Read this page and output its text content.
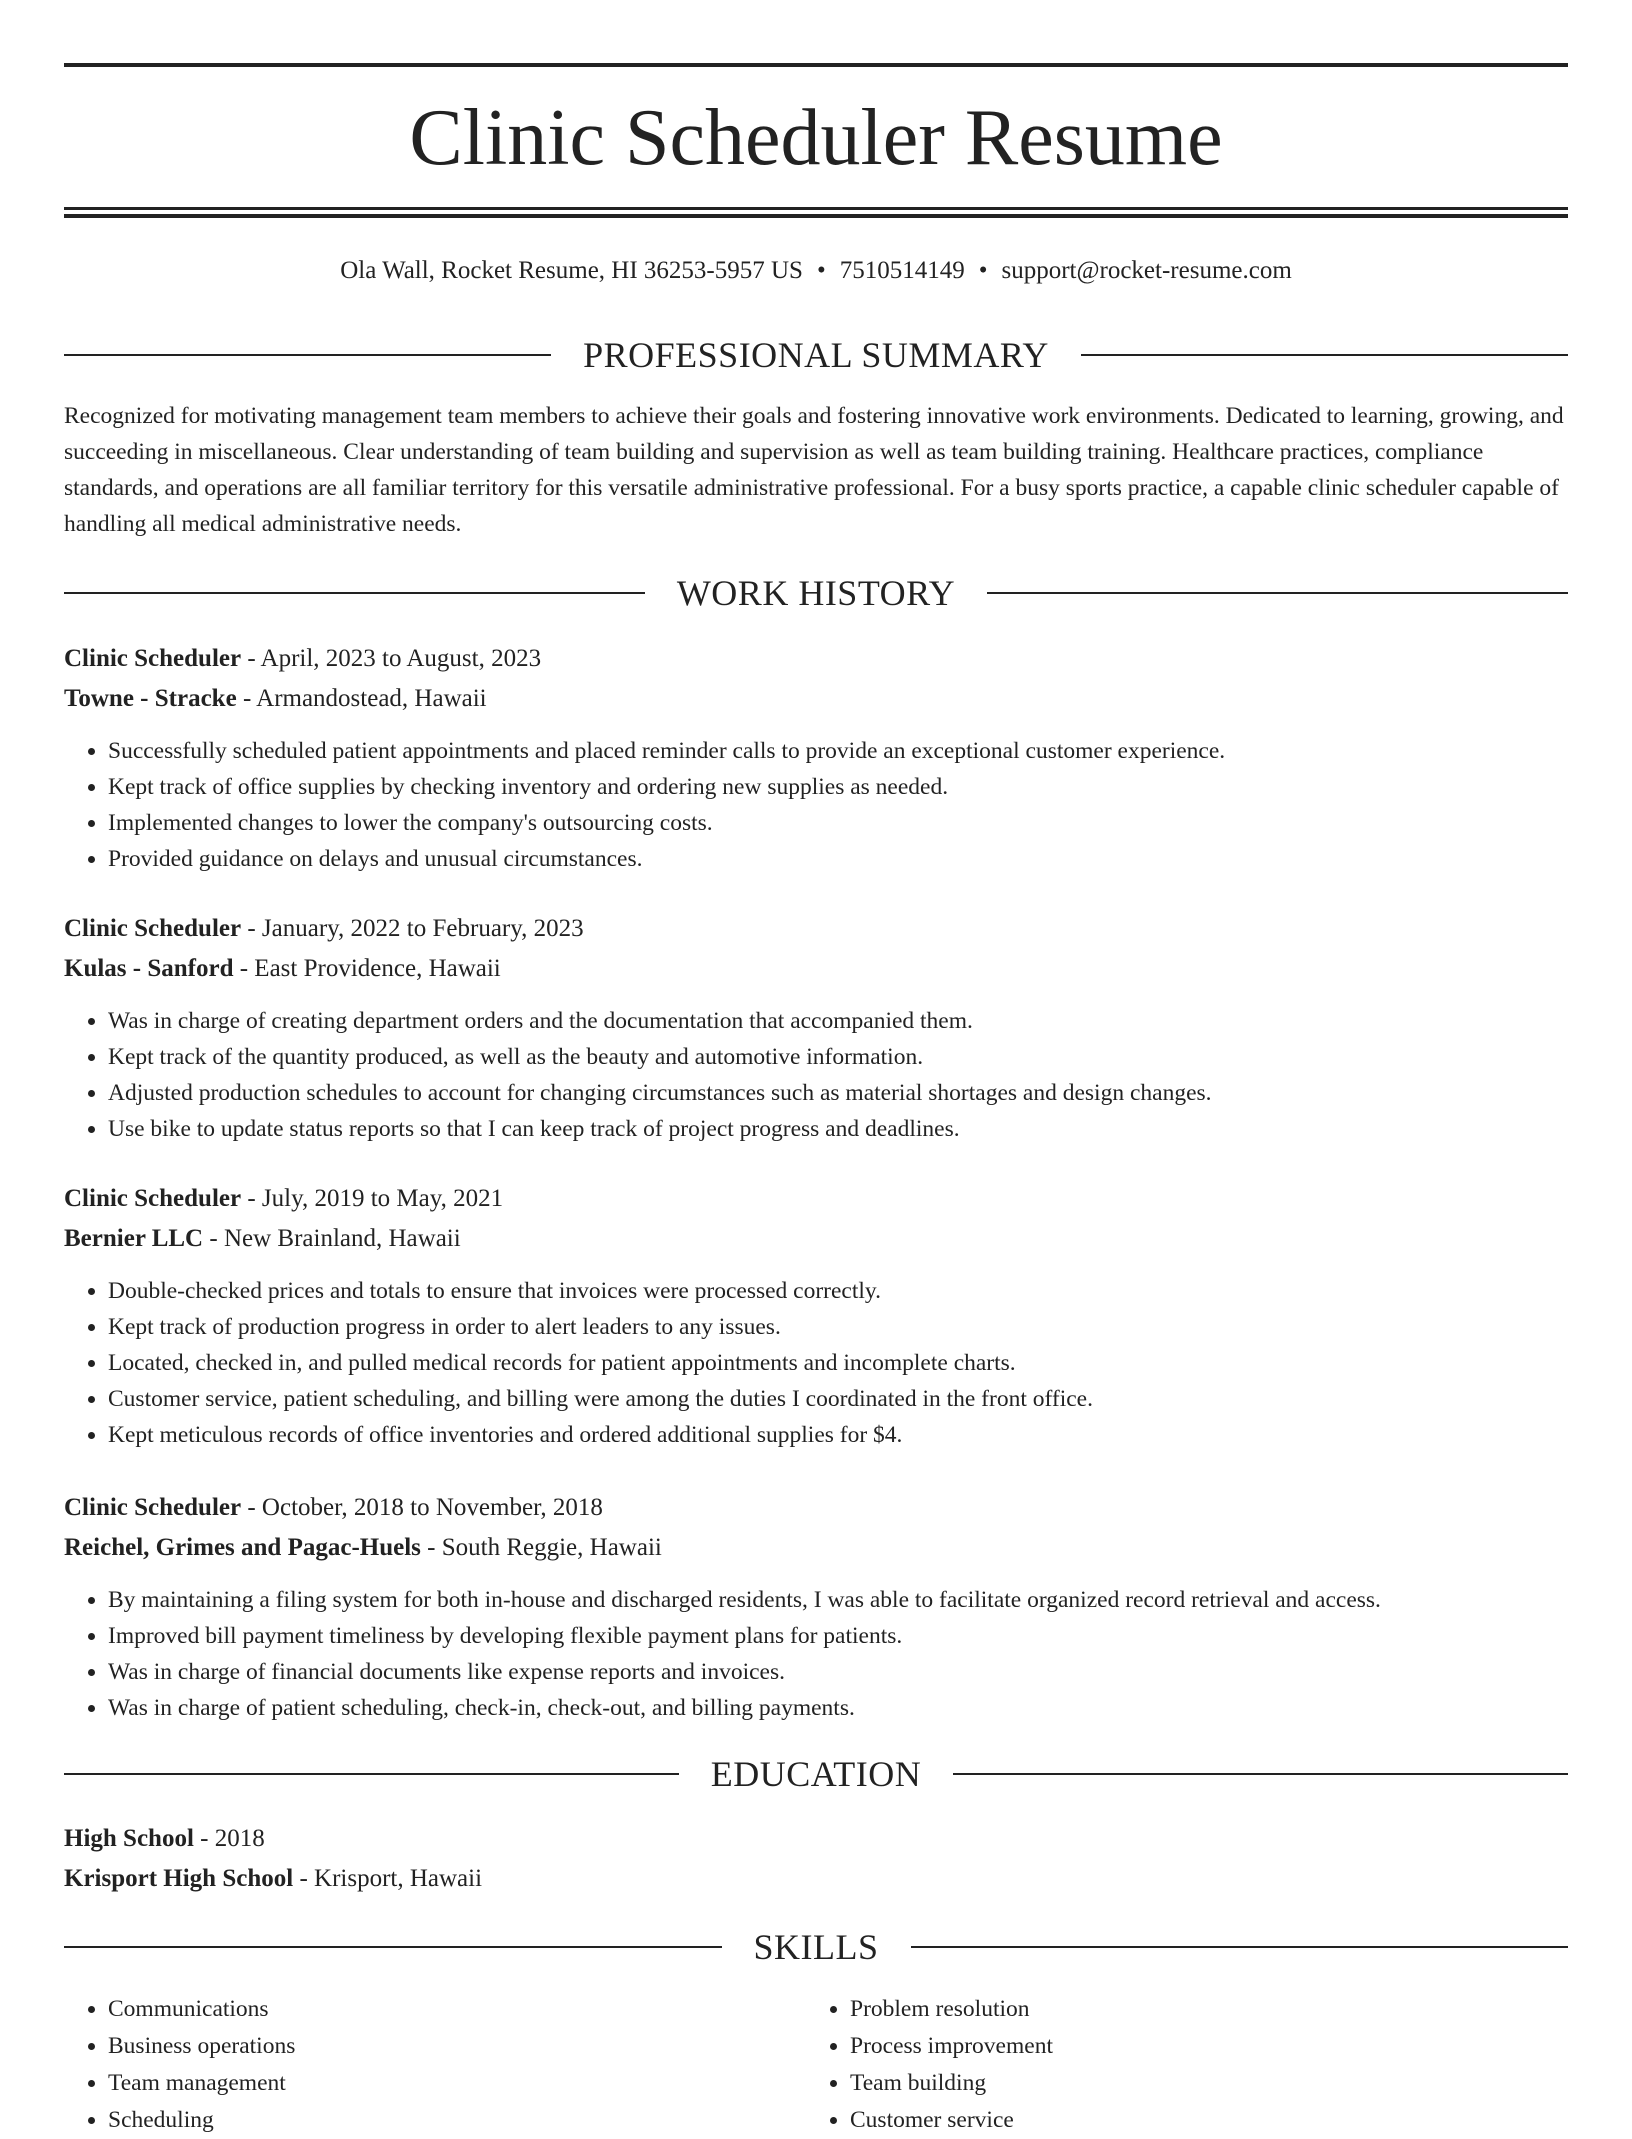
Clinic Scheduler Resume
Ola Wall, Rocket Resume, HI 36253-5957 US • 7510514149 • support@rocket-resume.com
PROFESSIONAL SUMMARY

Recognized for motivating management team members to achieve their goals and fostering innovative work environments. Dedicated to learning, growing, and succeeding in miscellaneous. Clear understanding of team building and supervision as well as team building training. Healthcare practices, compliance standards, and operations are all familiar territory for this versatile administrative professional. For a busy sports practice, a capable clinic scheduler capable of handling all medical administrative needs.

WORK HISTORY

Clinic Scheduler - April, 2023 to August, 2023

Towne - Stracke - Armandostead, Hawaii

• Successfully scheduled patient appointments and placed reminder calls to provide an exceptional customer experience.
• Kept track of office supplies by checking inventory and ordering new supplies as needed.
• Implemented changes to lower the company's outsourcing costs.
• Provided guidance on delays and unusual circumstances.

Clinic Scheduler - January, 2022 to February, 2023

Kulas - Sanford - East Providence, Hawaii

• Was in charge of creating department orders and the documentation that accompanied them.
• Kept track of the quantity produced, as well as the beauty and automotive information.
• Adjusted production schedules to account for changing circumstances such as material shortages and design changes.
• Use bike to update status reports so that I can keep track of project progress and deadlines.

Clinic Scheduler - July, 2019 to May, 2021

Bernier LLC - New Brainland, Hawaii

• Double-checked prices and totals to ensure that invoices were processed correctly.
• Kept track of production progress in order to alert leaders to any issues.
• Located, checked in, and pulled medical records for patient appointments and incomplete charts.
• Customer service, patient scheduling, and billing were among the duties I coordinated in the front office.
• Kept meticulous records of office inventories and ordered additional supplies for $4.

Clinic Scheduler - October, 2018 to November, 2018

Reichel, Grimes and Pagac-Huels - South Reggie, Hawaii

• By maintaining a filing system for both in-house and discharged residents, I was able to facilitate organized record retrieval and access.
• Improved bill payment timeliness by developing flexible payment plans for patients.
• Was in charge of financial documents like expense reports and invoices.
• Was in charge of patient scheduling, check-in, check-out, and billing payments.
EDUCATION

High School - 2018

Krisport High School - Krisport, Hawaii

SKILLS
• Communications
• Business operations
• Team management
• Scheduling
• Problem resolution
• Process improvement
• Team building
• Customer service
